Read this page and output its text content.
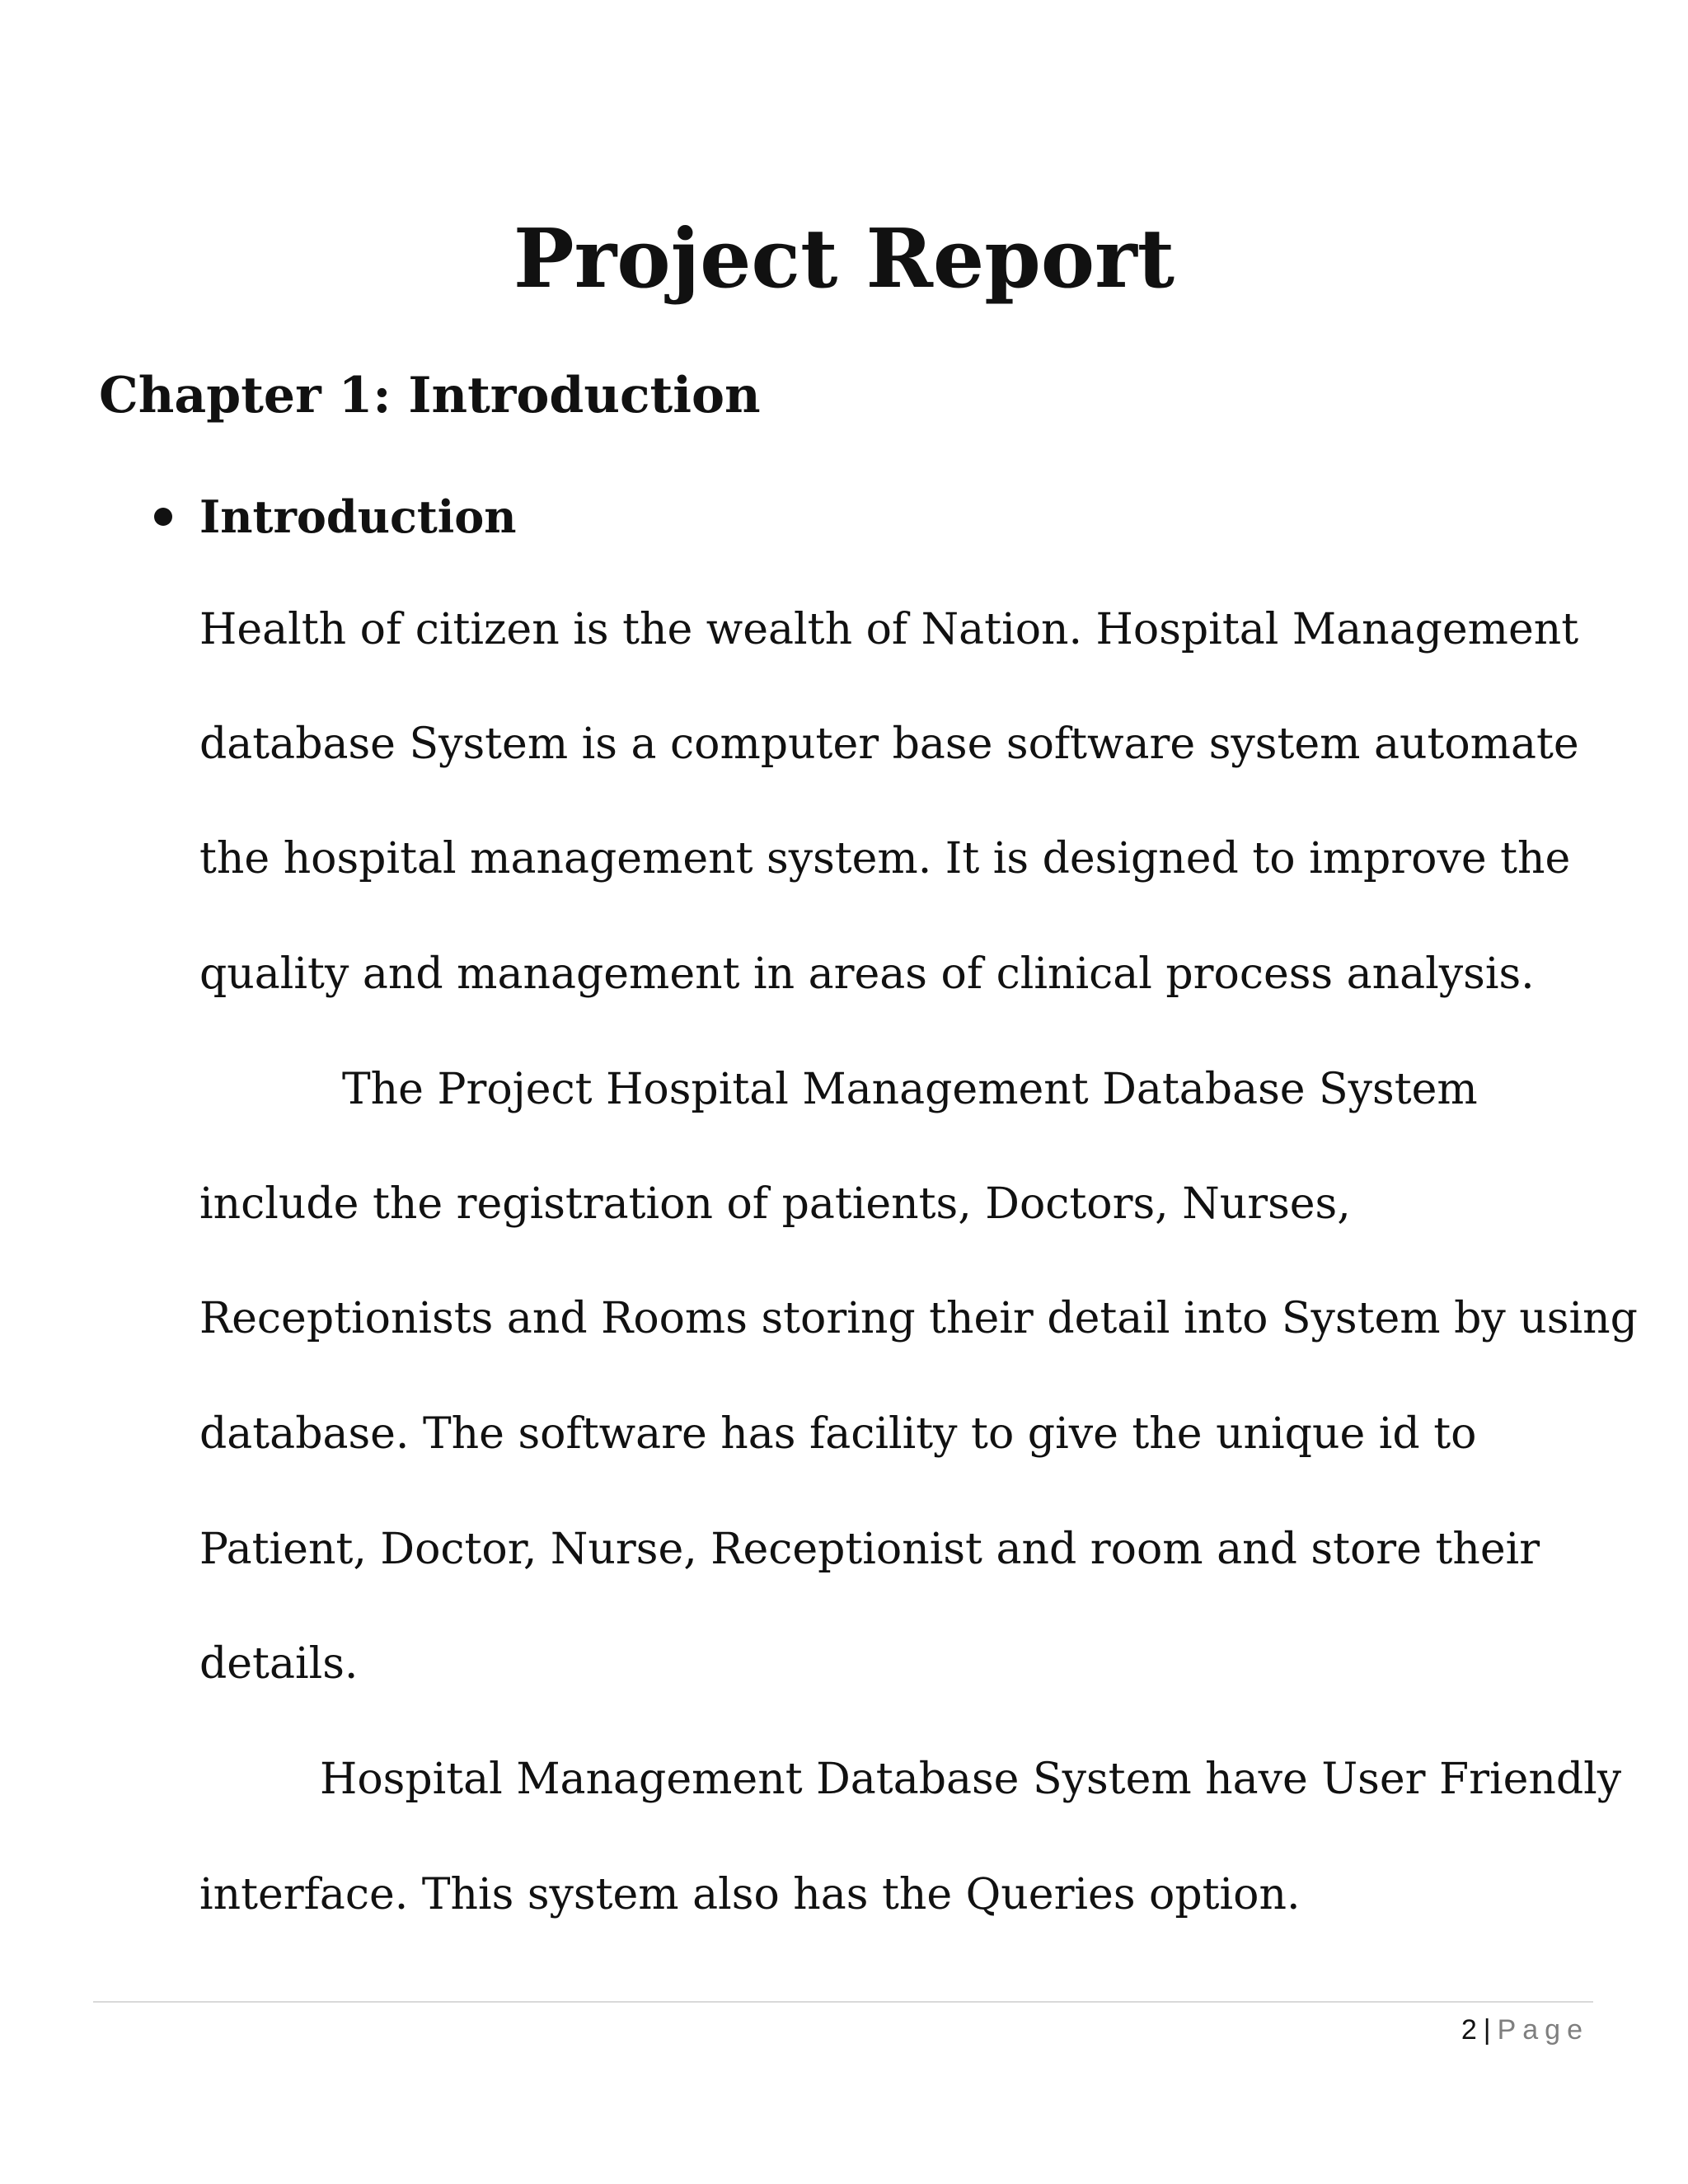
Project Report
Chapter 1: Introduction
Introduction

Health of citizen is the wealth of Nation. Hospital Management

database System is a computer base software system automate

the hospital management system. It is designed to improve the

quality and management in areas of clinical process analysis.

The Project Hospital Management Database System

include the registration of patients, Doctors, Nurses,

Receptionists and Rooms storing their detail into System by using

database. The software has facility to give the unique id to

Patient, Doctor, Nurse, Receptionist and room and store their

details.

Hospital Management Database System have User Friendly

interface. This system also has the Queries option.

2 | Page
